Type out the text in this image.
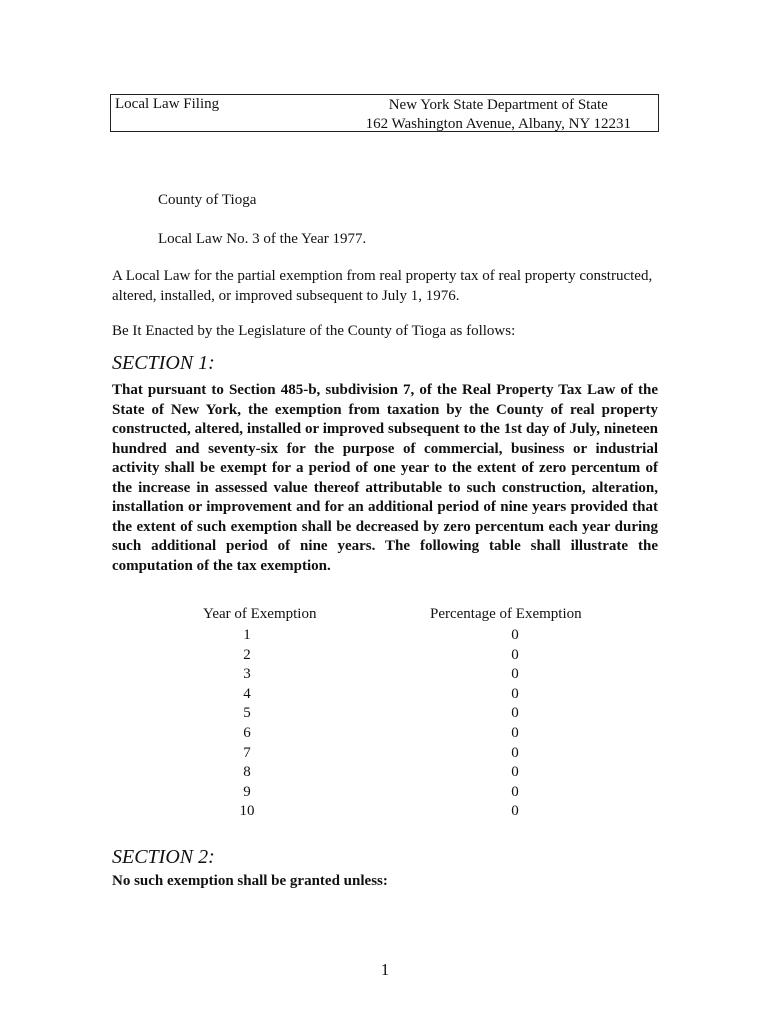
Local Law Filing	New York State Department of State
162 Washington Avenue, Albany, NY 12231
County of Tioga
Local Law No. 3 of the Year 1977.
A Local Law for the partial exemption from real property tax of real property constructed, altered, installed, or improved subsequent to July 1, 1976.
Be It Enacted by the Legislature of the County of Tioga as follows:
SECTION 1:
That pursuant to Section 485-b, subdivision 7, of the Real Property Tax Law of the State of New York, the exemption from taxation by the County of real property constructed, altered, installed or improved subsequent to the 1st day of July, nineteen hundred and seventy-six for the purpose of commercial, business or industrial activity shall be exempt for a period of one year to the extent of zero percentum of the increase in assessed value thereof attributable to such construction, alteration, installation or improvement and for an additional period of nine years provided that the extent of such exemption shall be decreased by zero percentum each year during such additional period of nine years. The following table shall illustrate the computation of the tax exemption.
Year of Exemption	Percentage of Exemption
1
2
3
4
5
6
7
8
9
10
0
0
0
0
0
0
0
0
0
0
SECTION 2:
No such exemption shall be granted unless:
1
